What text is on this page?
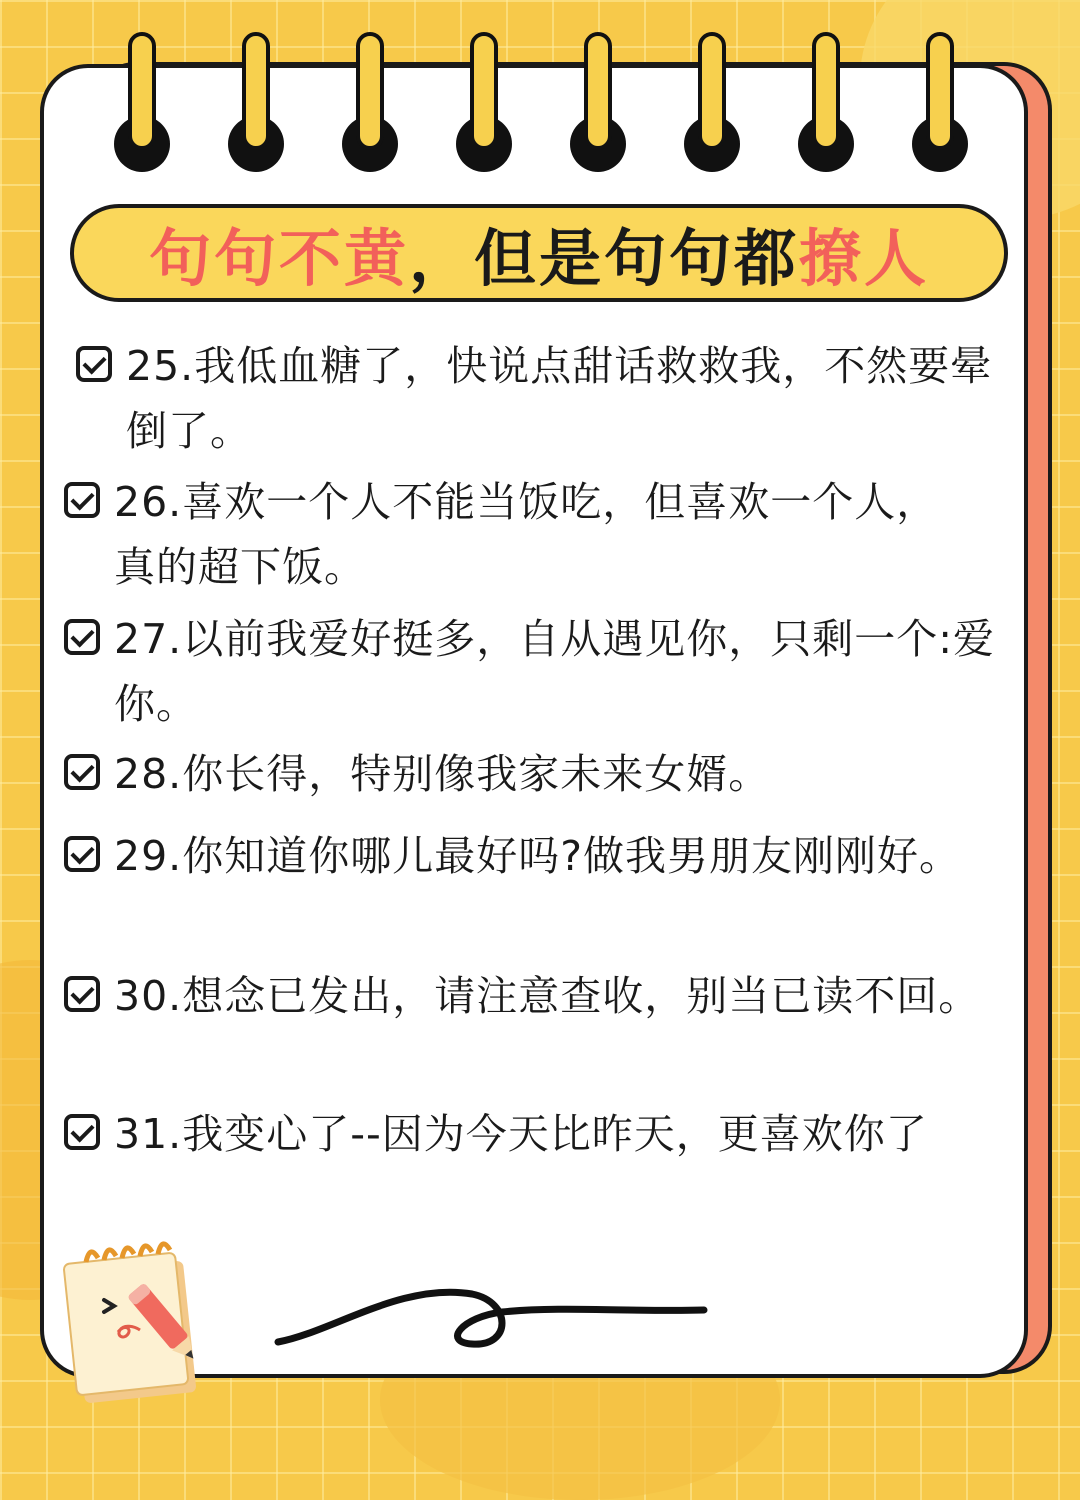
句句不黄，但是句句都撩人
25.我低血糖了，快说点甜话救救我，不然要晕倒了。
26.喜欢一个人不能当饭吃，但喜欢一个人，真的超下饭。
27.以前我爱好挺多，自从遇见你，只剩一个:爱你。
28.你长得，特别像我家未来女婿。
29.你知道你哪儿最好吗?做我男朋友刚刚好。
30.想念已发出，请注意查收，别当已读不回。
31.我变心了--因为今天比昨天，更喜欢你了
